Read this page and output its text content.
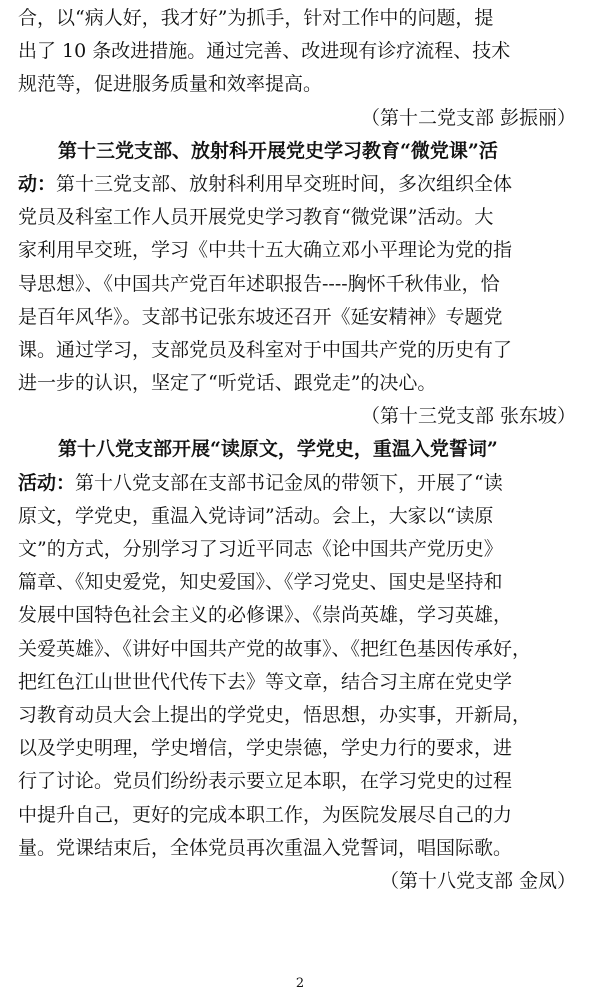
合，以“病人好，我才好”为抓手，针对工作中的问题，提
出了 10 条改进措施。通过完善、改进现有诊疗流程、技术
规范等，促进服务质量和效率提高。
（第十二党支部 彭振丽）
第十三党支部、放射科开展党史学习教育“微党课”活
动：第十三党支部、放射科利用早交班时间，多次组织全体
党员及科室工作人员开展党史学习教育“微党课”活动。大
家利用早交班，学习《中共十五大确立邓小平理论为党的指
导思想》、《中国共产党百年述职报告----胸怀千秋伟业，恰
是百年风华》。支部书记张东坡还召开《延安精神》专题党
课。通过学习，支部党员及科室对于中国共产党的历史有了
进一步的认识，坚定了“听党话、跟党走”的决心。
（第十三党支部 张东坡）
第十八党支部开展“读原文，学党史，重温入党誓词”
活动：第十八党支部在支部书记金凤的带领下，开展了“读
原文，学党史，重温入党诗词”活动。会上，大家以“读原
文”的方式，分别学习了习近平同志《论中国共产党历史》
篇章、《知史爱党，知史爱国》、《学习党史、国史是坚持和
发展中国特色社会主义的必修课》、《崇尚英雄，学习英雄，
关爱英雄》、《讲好中国共产党的故事》、《把红色基因传承好，
把红色江山世世代代传下去》等文章，结合习主席在党史学
习教育动员大会上提出的学党史，悟思想，办实事，开新局，
以及学史明理，学史增信，学史崇德，学史力行的要求，进
行了讨论。党员们纷纷表示要立足本职，在学习党史的过程
中提升自己，更好的完成本职工作，为医院发展尽自己的力
量。党课结束后，全体党员再次重温入党誓词，唱国际歌。
（第十八党支部 金凤）
2
